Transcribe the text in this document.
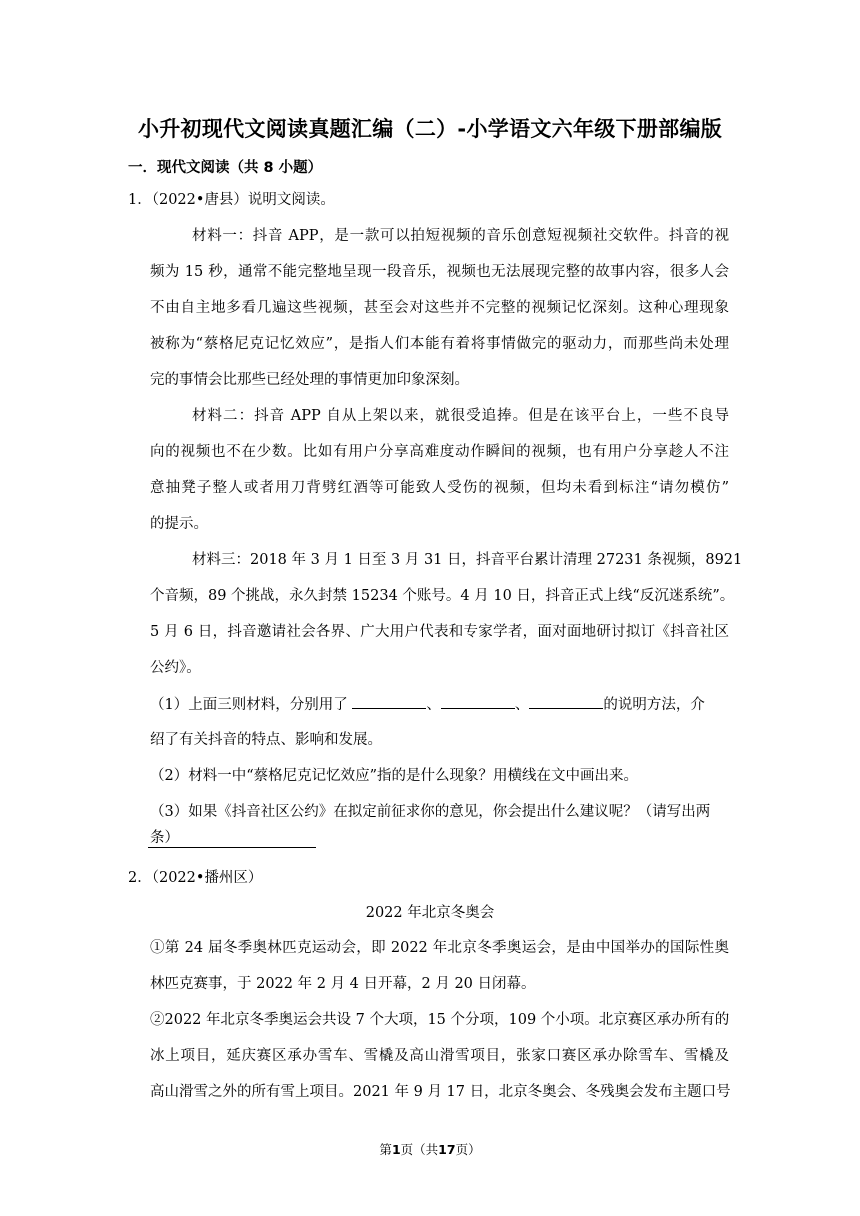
小升初现代文阅读真题汇编（二）-小学语文六年级下册部编版
一．现代文阅读（共 8 小题）
1．（2022•唐县）说明文阅读。
材料一：抖音 APP，是一款可以拍短视频的音乐创意短视频社交软件。抖音的视
频为 15 秒，通常不能完整地呈现一段音乐，视频也无法展现完整的故事内容，很多人会
不由自主地多看几遍这些视频，甚至会对这些并不完整的视频记忆深刻。这种心理现象
被称为“蔡格尼克记忆效应”，是指人们本能有着将事情做完的驱动力，而那些尚未处理
完的事情会比那些已经处理的事情更加印象深刻。
材料二：抖音 APP 自从上架以来，就很受追捧。但是在该平台上，一些不良导
向的视频也不在少数。比如有用户分享高难度动作瞬间的视频，也有用户分享趁人不注
意抽凳子整人或者用刀背劈红酒等可能致人受伤的视频，但均未看到标注“请勿模仿”
的提示。
材料三：2018 年 3 月 1 日至 3 月 31 日，抖音平台累计清理 27231 条视频，8921
个音频，89 个挑战，永久封禁 15234 个账号。4 月 10 日，抖音正式上线“反沉迷系统”。
5 月 6 日，抖音邀请社会各界、广大用户代表和专家学者，面对面地研讨拟订《抖音社区
公约》。
（1）上面三则材料，分别用了	、	、	的说明方法，介
绍了有关抖音的特点、影响和发展。
（2）材料一中“蔡格尼克记忆效应”指的是什么现象？用横线在文中画出来。
（3）如果《抖音社区公约》在拟定前征求你的意见，你会提出什么建议呢？（请写出两
条）
2．（2022•播州区）
2022 年北京冬奥会
①第 24 届冬季奥林匹克运动会，即 2022 年北京冬季奥运会，是由中国举办的国际性奥
林匹克赛事，于 2022 年 2 月 4 日开幕，2 月 20 日闭幕。
②2022 年北京冬季奥运会共设 7 个大项，15 个分项，109 个小项。北京赛区承办所有的
冰上项目，延庆赛区承办雪车、雪橇及高山滑雪项目，张家口赛区承办除雪车、雪橇及
高山滑雪之外的所有雪上项目。2021 年 9 月 17 日，北京冬奥会、冬残奥会发布主题口号
第1页（共17页）
